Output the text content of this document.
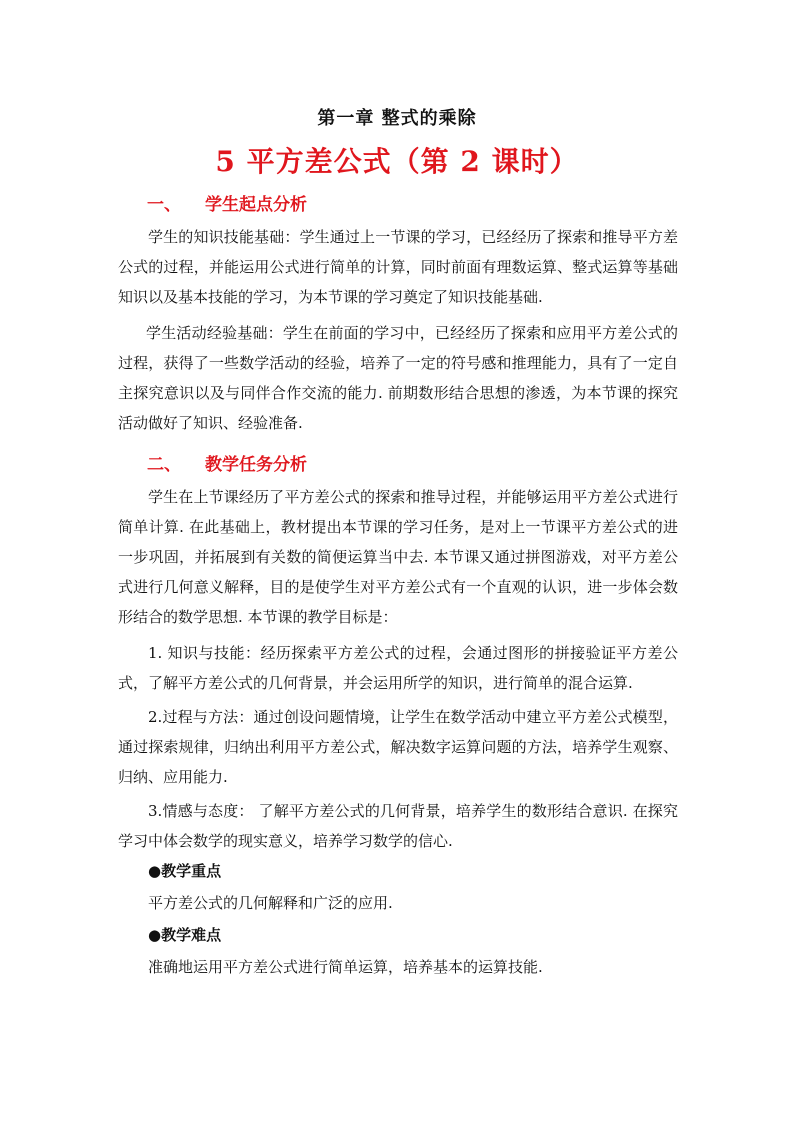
第一章 整式的乘除
5 平方差公式（第 2 课时）
一、 学生起点分析

学生的知识技能基础：学生通过上一节课的学习，已经经历了探索和推导平方差公式的过程，并能运用公式进行简单的计算，同时前面有理数运算、整式运算等基础知识以及基本技能的学习，为本节课的学习奠定了知识技能基础.

学生活动经验基础：学生在前面的学习中，已经经历了探索和应用平方差公式的过程，获得了一些数学活动的经验，培养了一定的符号感和推理能力，具有了一定自主探究意识以及与同伴合作交流的能力. 前期数形结合思想的渗透，为本节课的探究活动做好了知识、经验准备.

二、 教学任务分析

学生在上节课经历了平方差公式的探索和推导过程，并能够运用平方差公式进行简单计算. 在此基础上，教材提出本节课的学习任务，是对上一节课平方差公式的进一步巩固，并拓展到有关数的简便运算当中去. 本节课又通过拼图游戏，对平方差公式进行几何意义解释，目的是使学生对平方差公式有一个直观的认识，进一步体会数形结合的数学思想. 本节课的教学目标是：

1. 知识与技能：经历探索平方差公式的过程，会通过图形的拼接验证平方差公式，了解平方差公式的几何背景，并会运用所学的知识，进行简单的混合运算.

2.过程与方法：通过创设问题情境，让学生在数学活动中建立平方差公式模型，通过探索规律，归纳出利用平方差公式，解决数字运算问题的方法，培养学生观察、归纳、应用能力.

3.情感与态度： 了解平方差公式的几何背景，培养学生的数形结合意识. 在探究学习中体会数学的现实意义，培养学习数学的信心.

●教学重点
平方差公式的几何解释和广泛的应用.
●教学难点
准确地运用平方差公式进行简单运算，培养基本的运算技能.
